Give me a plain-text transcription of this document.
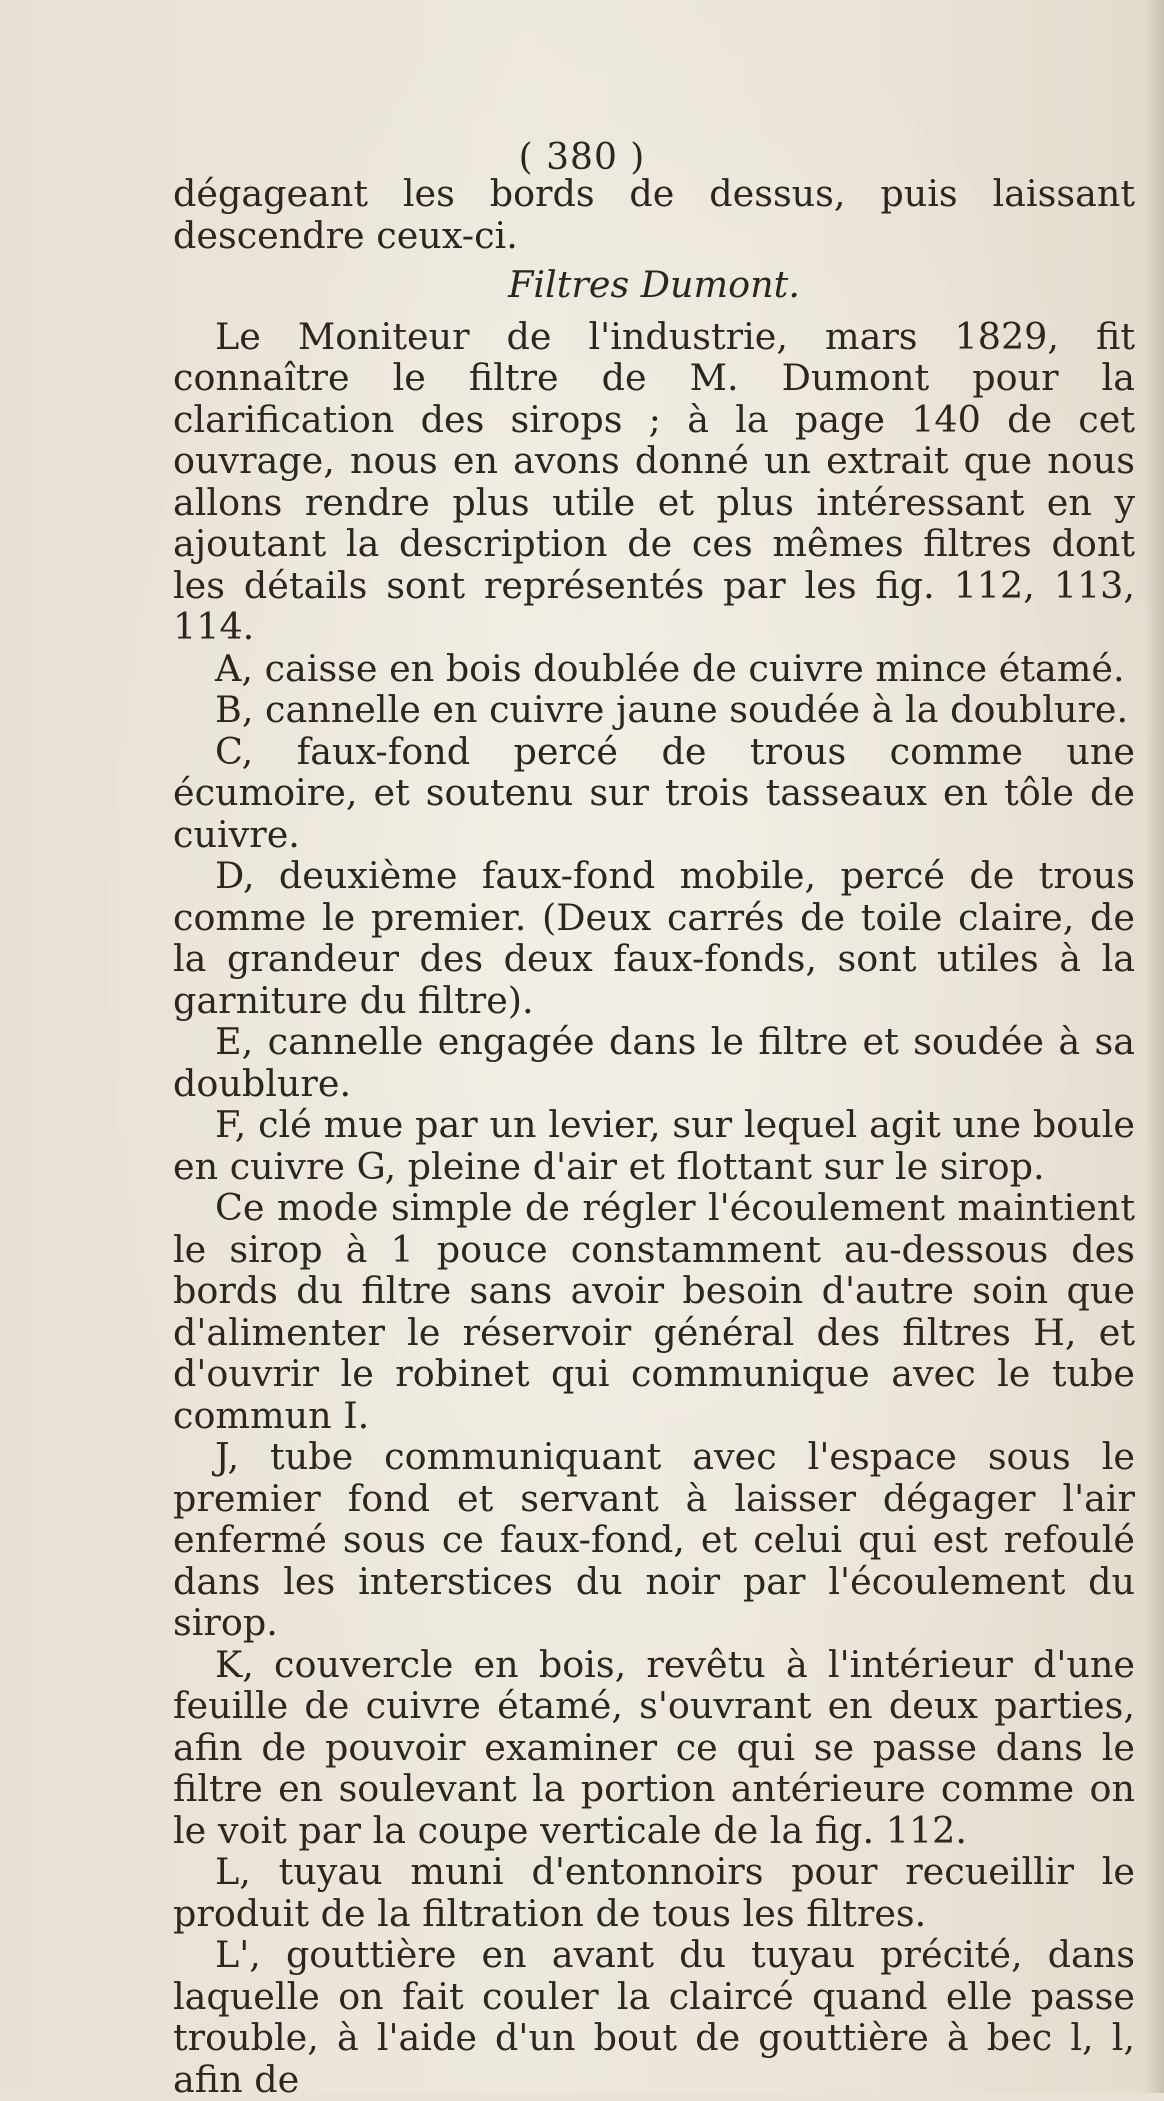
( 380 )

dégageant les bords de dessus, puis laissant descendre ceux-ci.

Filtres Dumont.

Le Moniteur de l'industrie, mars 1829, fit connaître le filtre de M. Dumont pour la clarification des sirops ; à la page 140 de cet ouvrage, nous en avons donné un extrait que nous allons rendre plus utile et plus intéressant en y ajoutant la description de ces mêmes filtres dont les détails sont représentés par les fig. 112, 113, 114.

A, caisse en bois doublée de cuivre mince étamé.

B, cannelle en cuivre jaune soudée à la doublure.

C, faux-fond percé de trous comme une écumoire, et soutenu sur trois tasseaux en tôle de cuivre.

D, deuxième faux-fond mobile, percé de trous comme le premier. (Deux carrés de toile claire, de la grandeur des deux faux-fonds, sont utiles à la garniture du filtre).

E, cannelle engagée dans le filtre et soudée à sa doublure.

F, clé mue par un levier, sur lequel agit une boule en cuivre G, pleine d'air et flottant sur le sirop.

Ce mode simple de régler l'écoulement maintient le sirop à 1 pouce constamment au-dessous des bords du filtre sans avoir besoin d'autre soin que d'alimenter le réservoir général des filtres H, et d'ouvrir le robinet qui communique avec le tube commun I.

J, tube communiquant avec l'espace sous le premier fond et servant à laisser dégager l'air enfermé sous ce faux-fond, et celui qui est refoulé dans les interstices du noir par l'écoulement du sirop.

K, couvercle en bois, revêtu à l'intérieur d'une feuille de cuivre étamé, s'ouvrant en deux parties, afin de pouvoir examiner ce qui se passe dans le filtre en soulevant la portion antérieure comme on le voit par la coupe verticale de la fig. 112.

L, tuyau muni d'entonnoirs pour recueillir le produit de la filtration de tous les filtres.

L', gouttière en avant du tuyau précité, dans laquelle on fait couler la claircé quand elle passe trouble, à l'aide d'un bout de gouttière à bec l, l, afin de
